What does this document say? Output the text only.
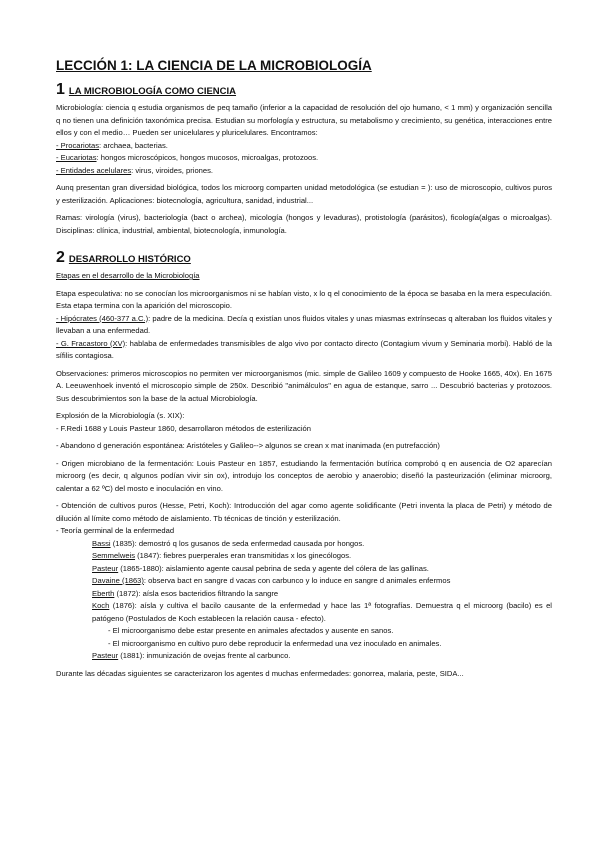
LECCIÓN 1: LA CIENCIA DE LA MICROBIOLOGÍA
1 LA MICROBIOLOGÍA COMO CIENCIA

Microbiología: ciencia q estudia organismos de peq tamaño (inferior a la capacidad de resolución del ojo humano, < 1 mm) y organización sencilla q no tienen una definición taxonómica precisa. Estudian su morfología y estructura, su metabolismo y crecimiento, su genética, interacciones entre ellos y con el medio… Pueden ser unicelulares y pluricelulares. Encontramos:

- Procariotas: archaea, bacterias.

- Eucariotas: hongos microscópicos, hongos mucosos, microalgas, protozoos.

- Entidades acelulares: virus, viroides, priones.

Aunq presentan gran diversidad biológica, todos los microorg comparten unidad metodológica (se estudian = ): uso de microscopio, cultivos puros y esterilización. Aplicaciones: biotecnología, agricultura, sanidad, industrial...

Ramas: virología (virus), bacteriología (bact o archea), micología (hongos y levaduras), protistología (parásitos), ficología(algas o microalgas). Disciplinas: clínica, industrial, ambiental, biotecnología, inmunología.

2 DESARROLLO HISTÓRICO
Etapas en el desarrollo de la Microbiología

Etapa especulativa: no se conocían los microorganismos ni se habían visto, x lo q el conocimiento de la época se basaba en la mera especulación. Esta etapa termina con la aparición del microscopio.

- Hipócrates (460-377 a.C.): padre de la medicina. Decía q existían unos fluidos vitales y unas miasmas extrínsecas q alteraban los fluidos vitales y llevaban a una enfermedad.

- G. Fracastoro (XV): hablaba de enfermedades transmisibles de algo vivo por contacto directo (Contagium vivum y Seminaria morbi). Habló de la sífilis contagiosa.

Observaciones: primeros microscopios no permiten ver microorganismos (mic. simple de Galileo 1609 y compuesto de Hooke 1665, 40x). En 1675 A. Leeuwenhoek inventó el microscopio simple de 250x. Describió "animálculos" en agua de estanque, sarro ... Descubrió bacterias y protozoos. Sus descubrimientos son la base de la actual Microbiología.

Explosión de la Microbiología (s. XIX):

- F.Redi 1688 y Louis Pasteur 1860, desarrollaron métodos de esterilización

- Abandono d generación espontánea: Aristóteles y Galileo--> algunos se crean x mat inanimada (en putrefacción)

- Origen microbiano de la fermentación: Louis Pasteur en 1857, estudiando la fermentación butírica comprobó q en ausencia de O2 aparecían microorg (es decir, q algunos podían vivir sin ox), introdujo los conceptos de aerobio y anaerobio; diseñó la pasteurización (eliminar microorg, calentar a 62 ºC) del mosto e inoculación en vino.

- Obtención de cultivos puros (Hesse, Petri, Koch): Introducción del agar como agente solidificante (Petri inventa la placa de Petri) y método de dilución al límite como método de aislamiento. Tb técnicas de tinción y esterilización.

- Teoría germinal de la enfermedad

Bassi (1835): demostró q los gusanos de seda enfermedad causada por hongos.

Semmelweis (1847): fiebres puerperales eran transmitidas x los ginecólogos.

Pasteur (1865-1880): aislamiento agente causal pebrina de seda y agente del cólera de las gallinas.

Davaine (1863): observa bact en sangre d vacas con carbunco y lo induce en sangre d animales enfermos

Eberth (1872): aísla esos bacteridios filtrando la sangre

Koch (1876): aísla y cultiva el bacilo causante de la enfermedad y hace las 1ª fotografías. Demuestra q el microorg (bacilo) es el patógeno (Postulados de Koch establecen la relación causa - efecto).

- El microorganismo debe estar presente en animales afectados y ausente en sanos.

- El microorganismo en cultivo puro debe reproducir la enfermedad una vez inoculado en animales.

Pasteur (1881): inmunización de ovejas frente al carbunco.

Durante las décadas siguientes se caracterizaron los agentes d muchas enfermedades: gonorrea, malaria, peste, SIDA...
